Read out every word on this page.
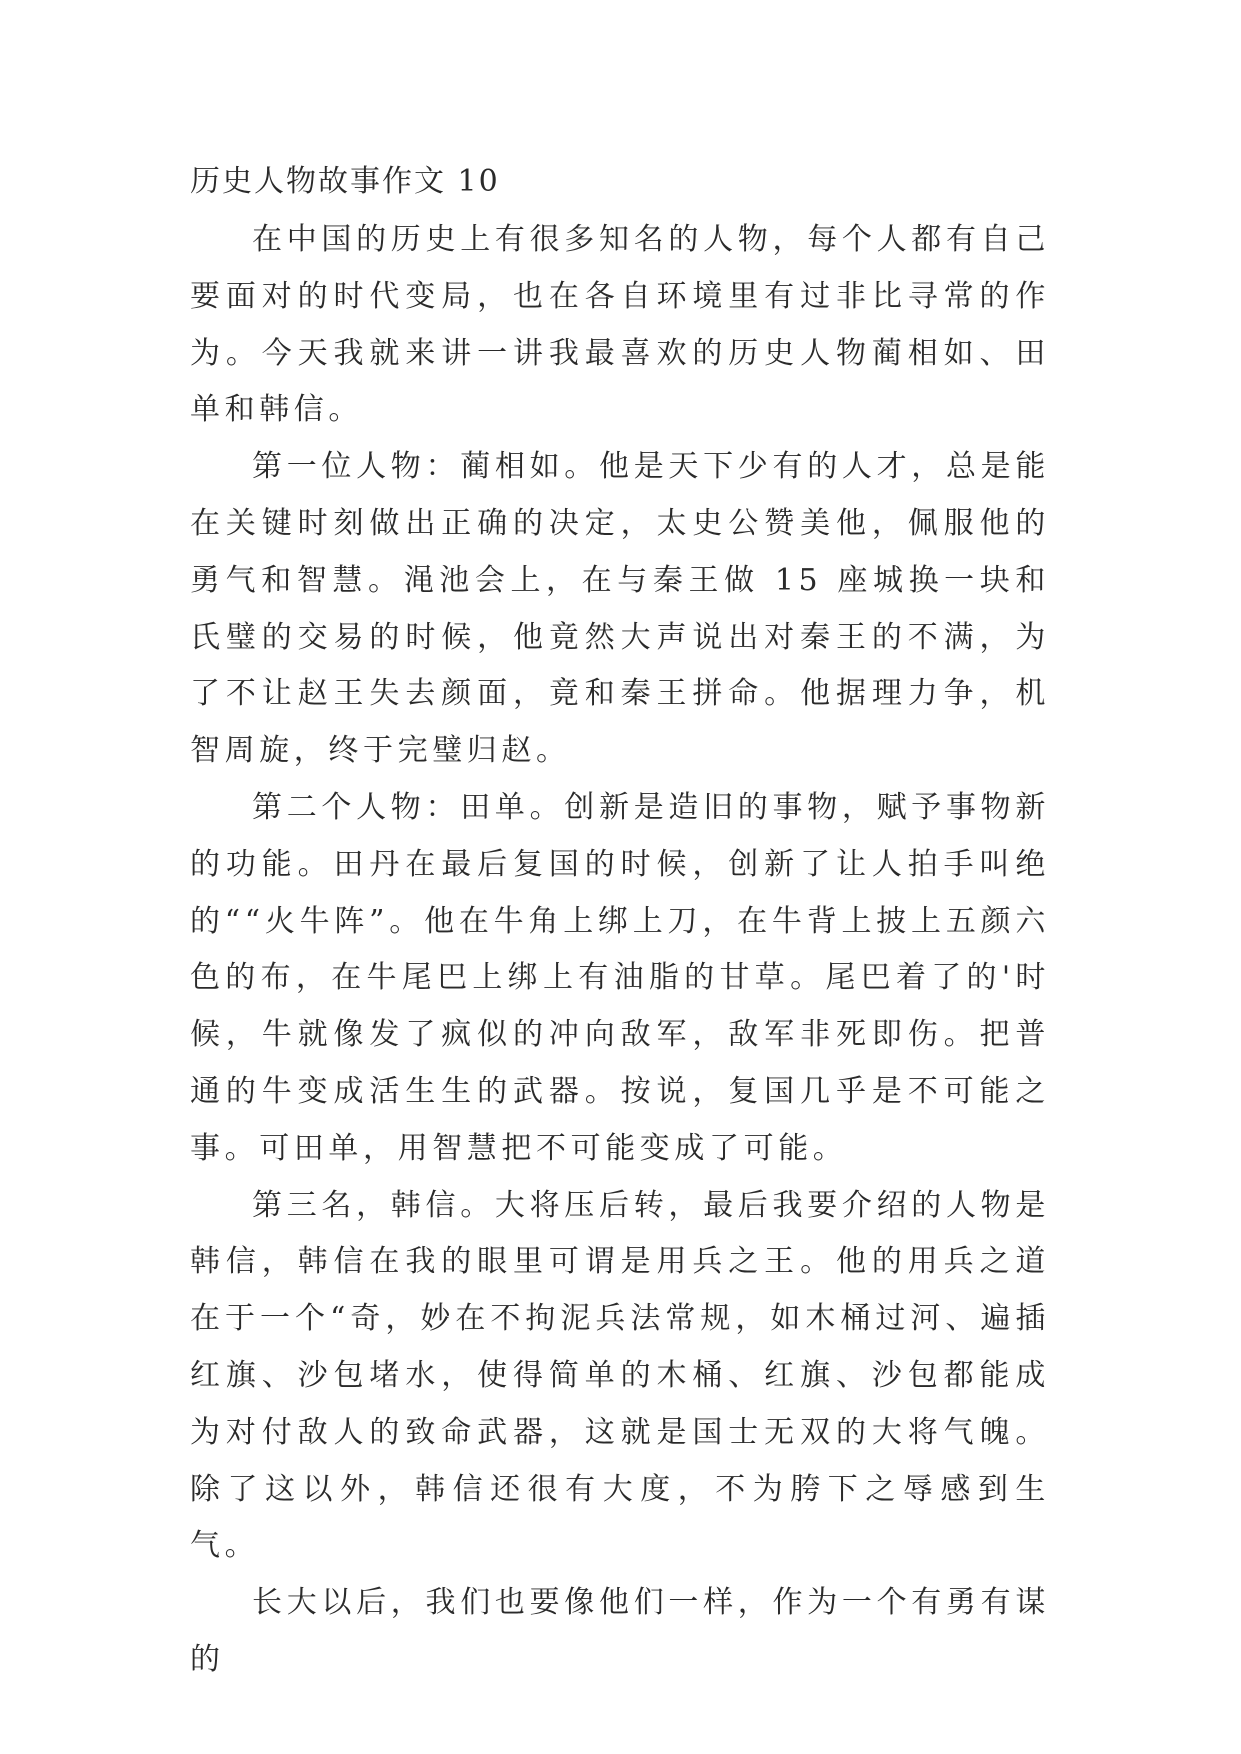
历史人物故事作文 10

在中国的历史上有很多知名的人物，每个人都有自己要面对的时代变局，也在各自环境里有过非比寻常的作为。今天我就来讲一讲我最喜欢的历史人物蔺相如、田单和韩信。

第一位人物：蔺相如。他是天下少有的人才，总是能在关键时刻做出正确的决定，太史公赞美他，佩服他的勇气和智慧。渑池会上，在与秦王做 15 座城换一块和氏璧的交易的时候，他竟然大声说出对秦王的不满，为了不让赵王失去颜面，竟和秦王拼命。他据理力争，机智周旋，终于完璧归赵。

第二个人物：田单。创新是造旧的事物，赋予事物新的功能。田丹在最后复国的时候，创新了让人拍手叫绝的““火牛阵”。他在牛角上绑上刀，在牛背上披上五颜六色的布，在牛尾巴上绑上有油脂的甘草。尾巴着了的'时候，牛就像发了疯似的冲向敌军，敌军非死即伤。把普通的牛变成活生生的武器。按说，复国几乎是不可能之事。可田单，用智慧把不可能变成了可能。

第三名，韩信。大将压后转，最后我要介绍的人物是韩信，韩信在我的眼里可谓是用兵之王。他的用兵之道在于一个“奇，妙在不拘泥兵法常规，如木桶过河、遍插红旗、沙包堵水，使得简单的木桶、红旗、沙包都能成为对付敌人的致命武器，这就是国士无双的大将气魄。除了这以外，韩信还很有大度，不为胯下之辱感到生气。

长大以后，我们也要像他们一样，作为一个有勇有谋的
